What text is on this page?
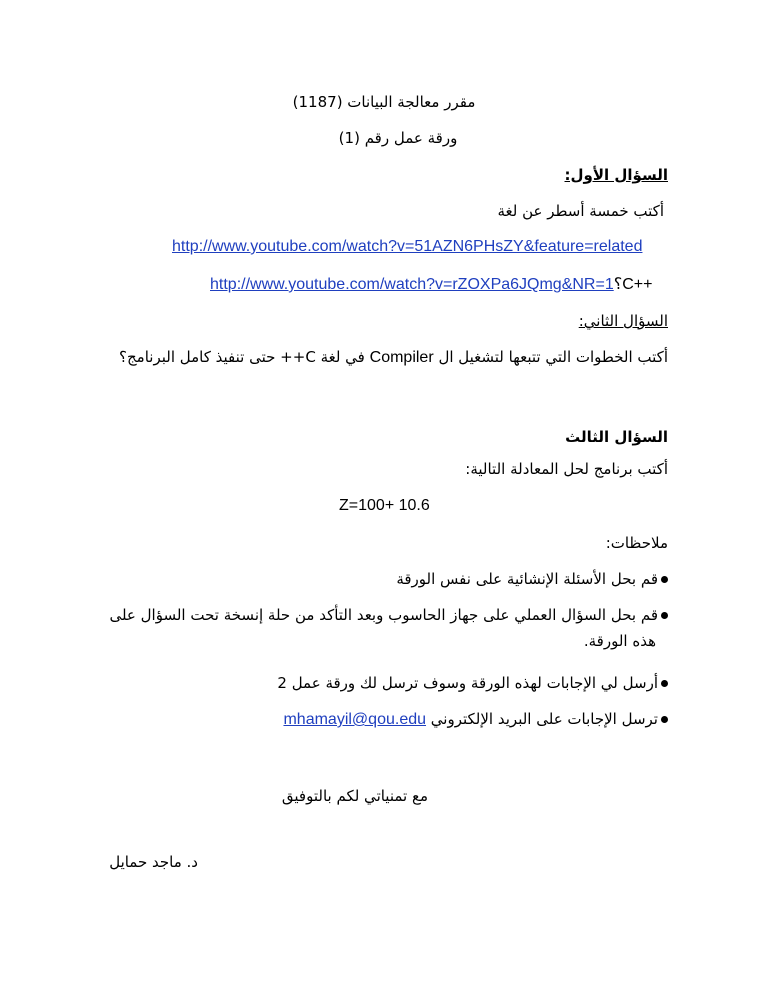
مقرر معالجة البيانات (1187)
ورقة عمل رقم (1)
السؤال الأول:
أكتب خمسة أسطر عن لغة
http://www.youtube.com/watch?v=51AZN6PHsZY&feature=related
http://www.youtube.com/watch?v=rZOXPa6JQmg&NR=1؟C++
السؤال الثاني:
أكتب الخطوات التي تتبعها لتشغيل ال Compiler في لغة C++ حتى تنفيذ كامل البرنامج؟
السؤال الثالث
أكتب برنامج لحل المعادلة التالية:
Z=100+ 10.6
ملاحظات:
قم بحل الأسئلة الإنشائية على نفس الورقة
قم بحل السؤال العملي على جهاز الحاسوب وبعد التأكد من حلة إنسخة تحت السؤال على
هذه الورقة.
أرسل لي الإجابات لهذه الورقة وسوف ترسل لك ورقة عمل 2
ترسل الإجابات على البريد الإلكتروني mhamayil@qou.edu
مع تمنياتي لكم بالتوفيق
د. ماجد حمايل
